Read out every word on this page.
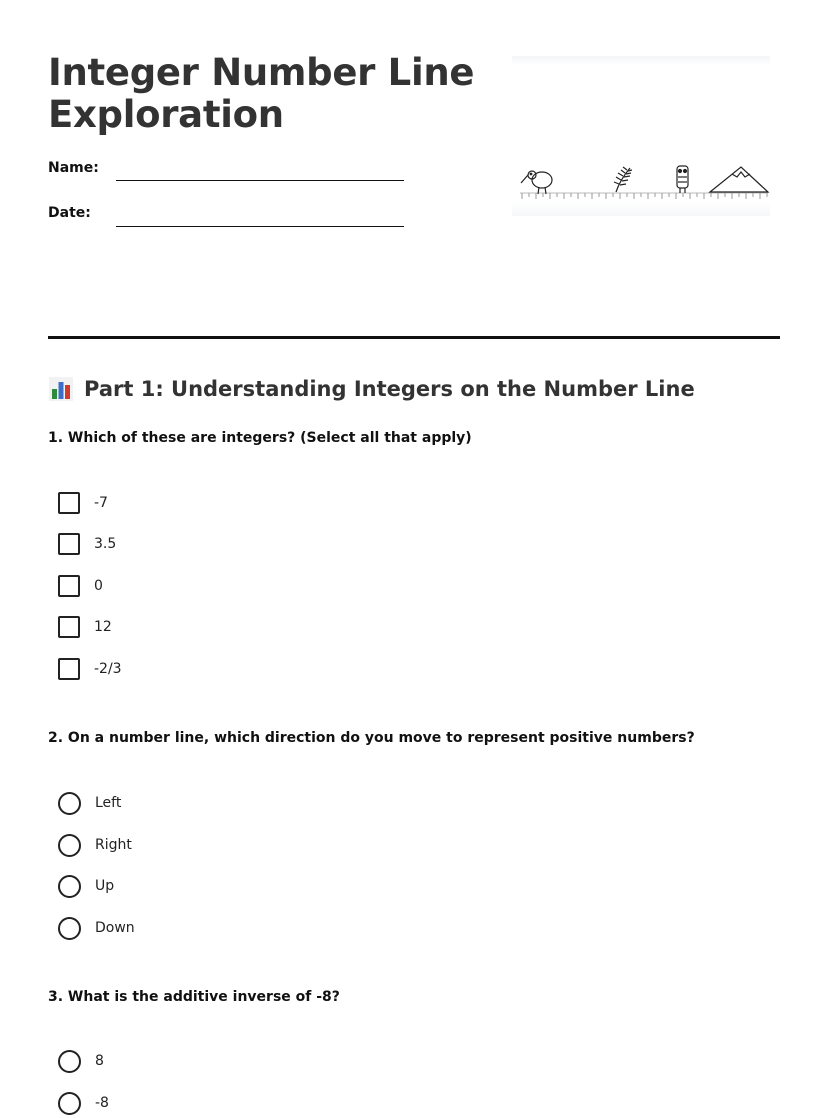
Integer Number Line Exploration
Name:
Date:
Part 1: Understanding Integers on the Number Line
1. Which of these are integers? (Select all that apply)
-7
3.5
0
12
-2/3
2. On a number line, which direction do you move to represent positive numbers?
Left
Right
Up
Down
3. What is the additive inverse of -8?
8
-8
